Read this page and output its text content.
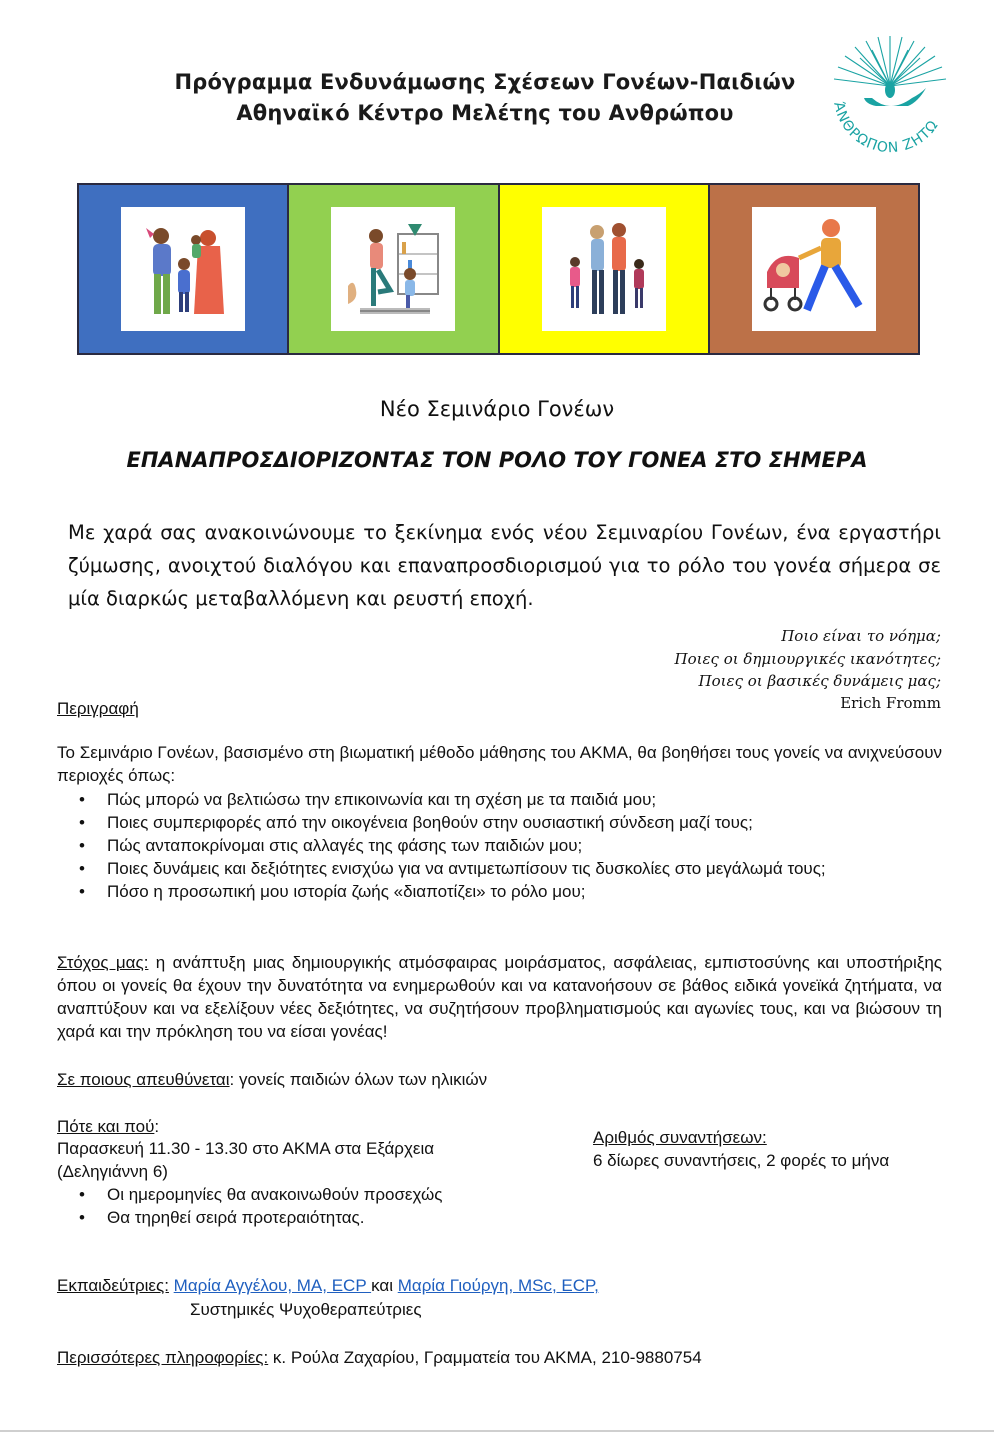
Πρόγραμμα Ενδυνάμωσης Σχέσεων Γονέων-Παιδιών
Αθηναϊκό Κέντρο Μελέτης του Ανθρώπου	ΆΝΘΡΩΠΟΝ ΖΗΤΩ
Νέο Σεμινάριο Γονέων
ΕΠΑΝΑΠΡΟΣΔΙΟΡΙΖΟΝΤΑΣ ΤΟΝ ΡΟΛΟ ΤΟΥ ΓΟΝΕΑ ΣΤΟ ΣΗΜΕΡΑ
Με χαρά σας ανακοινώνουμε το ξεκίνημα ενός νέου Σεμιναρίου Γονέων, ένα εργαστήρι ζύμωσης, ανοιχτού διαλόγου και επαναπροσδιορισμού για το ρόλο του γονέα σήμερα σε μία διαρκώς μεταβαλλόμενη και ρευστή εποχή.
Ποιο είναι το νόημα;
Ποιες οι δημιουργικές ικανότητες;
Ποιες οι βασικές δυνάμεις μας;
Erich Fromm
Περιγραφή
Το Σεμινάριο Γονέων, βασισμένο στη βιωματική μέθοδο μάθησης του ΑΚΜΑ, θα βοηθήσει τους γονείς να ανιχνεύσουν περιοχές όπως:
• Πώς μπορώ να βελτιώσω την επικοινωνία και τη σχέση με τα παιδιά μου;
• Ποιες συμπεριφορές από την οικογένεια βοηθούν στην ουσιαστική σύνδεση μαζί τους;
• Πώς ανταποκρίνομαι στις αλλαγές της φάσης των παιδιών μου;
• Ποιες δυνάμεις και δεξιότητες ενισχύω για να αντιμετωπίσουν τις δυσκολίες στο μεγάλωμά τους;
• Πόσο η προσωπική μου ιστορία ζωής «διαποτίζει» το ρόλο μου;
Στόχος μας: η ανάπτυξη μιας δημιουργικής ατμόσφαιρας μοιράσματος, ασφάλειας, εμπιστοσύνης και υποστήριξης όπου οι γονείς θα έχουν την δυνατότητα να ενημερωθούν και να κατανοήσουν σε βάθος ειδικά γονεϊκά ζητήματα, να αναπτύξουν και να εξελίξουν νέες δεξιότητες, να συζητήσουν προβληματισμούς και αγωνίες τους, και να βιώσουν τη χαρά και την πρόκληση του να είσαι γονέας!
Σε ποιους απευθύνεται: γονείς παιδιών όλων των ηλικιών
Πότε και πού:
Παρασκευή 11.30 - 13.30 στο ΑΚΜΑ στα Εξάρχεια
(Δεληγιάννη 6)
• Οι ημερομηνίες θα ανακοινωθούν προσεχώς
• Θα τηρηθεί σειρά προτεραιότητας.
Αριθμός συναντήσεων:
6 δίωρες συναντήσεις, 2 φορές το μήνα
Εκπαιδεύτριες: Μαρία Αγγέλου, ΜΑ, ECP και Μαρία Γιούργη, MSc, ECP,
Συστημικές Ψυχοθεραπεύτριες
Περισσότερες πληροφορίες: κ. Ρούλα Ζαχαρίου, Γραμματεία του ΑΚΜΑ, 210-9880754
